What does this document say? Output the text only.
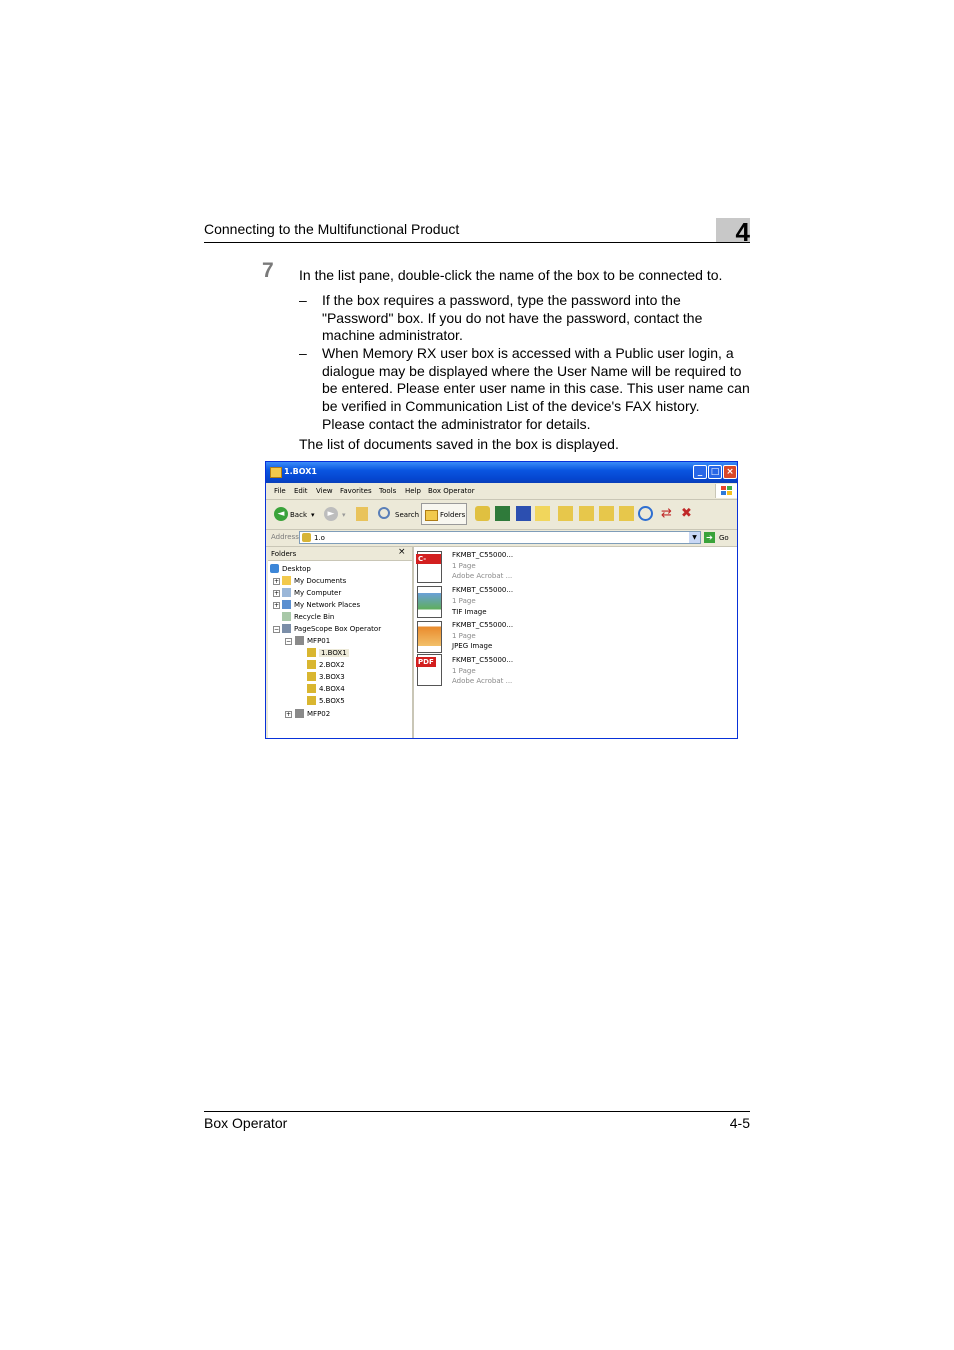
Connecting to the Multifunctional Product	4
7 In the list pane, double-click the name of the box to be connected to.
– If the box requires a password, type the password into the
"Password" box. If you do not have the password, contact the
machine administrator.
– When Memory RX user box is accessed with a Public user login, a
dialogue may be displayed where the User Name will be required to
be entered. Please enter user name in this case. This user name can
be verified in Communication List of the device's FAX history.
Please contact the administrator for details.
The list of documents saved in the box is displayed.
1.BOX1	_ □ ×
File Edit View Favorites Tools Help Box Operator
◄ Back ▾	►	▾	Search	Folders	⇄ ✖
Address 1.o	▼	➔ Go
Folders	×
Desktop
+ My Documents
+ My Computer
+ My Network Places
Recycle Bin
− PageScope Box Operator
− MFP01
1.BOX1
2.BOX2
3.BOX3
4.BOX4
5.BOX5
+ MFP02
C-PDF
FKMBT_C55000...
1 Page
Adobe Acrobat ...
FKMBT_C55000...
1 Page
TIF Image
FKMBT_C55000...
1 Page
JPEG Image
PDF	FKMBT_C55000...
1 Page
Adobe Acrobat ...
Box Operator	4-5
